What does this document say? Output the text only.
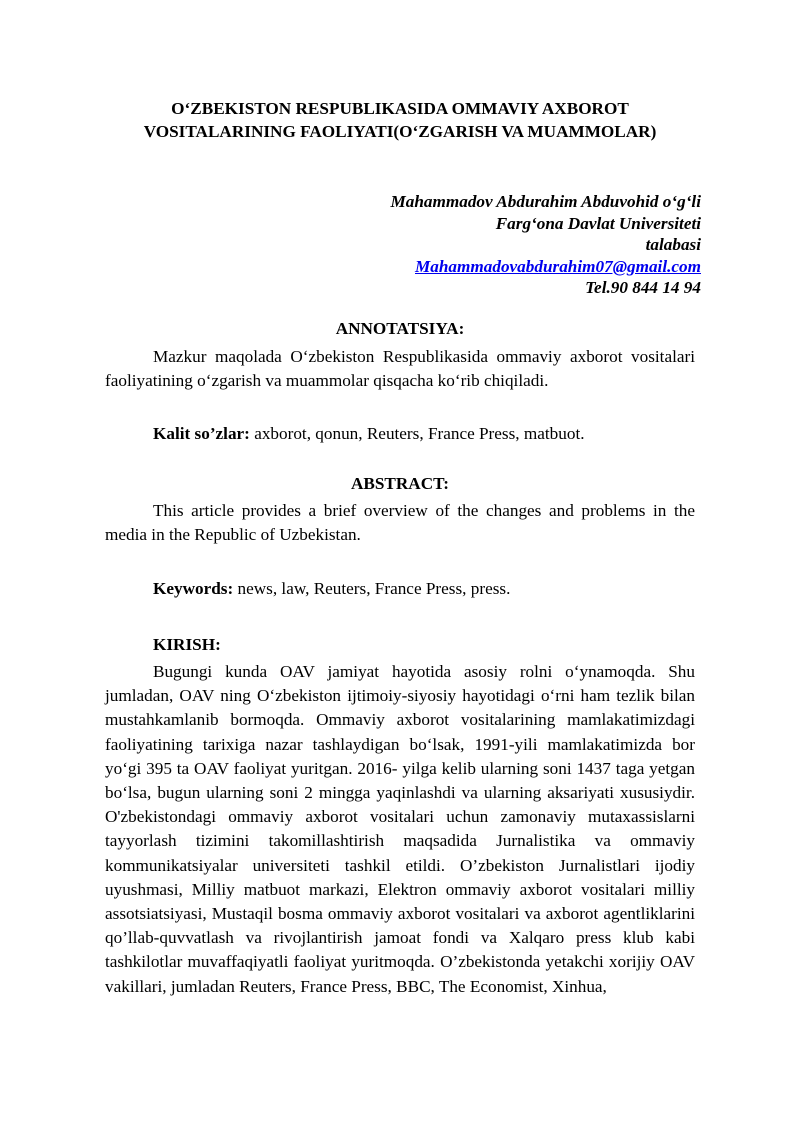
O‘ZBEKISTON RESPUBLIKASIDA OMMAVIY AXBOROT
VOSITALARINING FAOLIYATI(O‘ZGARISH VA MUAMMOLAR)
Mahammadov Abdurahim Abduvohid o‘g‘li
Farg‘ona Davlat Universiteti
talabasi
Mahammadovabdurahim07@gmail.com
Tel.90 844 14 94
ANNOTATSIYA:
Mazkur maqolada O‘zbekiston Respublikasida ommaviy axborot vositalari faoliyatining o‘zgarish va muammolar qisqacha ko‘rib chiqiladi.
Kalit so’zlar: axborot, qonun, Reuters, France Press, matbuot.
ABSTRACT:
This article provides a brief overview of the changes and problems in the media in the Republic of Uzbekistan.
Keywords: news, law, Reuters, France Press, press.
KIRISH:
Bugungi kunda OAV jamiyat hayotida asosiy rolni o‘ynamoqda. Shu jumladan, OAV ning O‘zbekiston ijtimoiy-siyosiy hayotidagi o‘rni ham tezlik bilan mustahkamlanib bormoqda. Ommaviy axborot vositalarining mamlakatimizdagi faoliyatining tarixiga nazar tashlaydigan bo‘lsak, 1991-yili mamlakatimizda bor yo‘gi 395 ta OAV faoliyat yuritgan. 2016- yilga kelib ularning soni 1437 taga yetgan bo‘lsa, bugun ularning soni 2 mingga yaqinlashdi va ularning aksariyati xususiydir. O'zbekistondagi ommaviy axborot vositalari uchun zamonaviy mutaxassislarni tayyorlash tizimini takomillashtirish maqsadida Jurnalistika va ommaviy kommunikatsiyalar universiteti tashkil etildi. O’zbekiston Jurnalistlari ijodiy uyushmasi, Milliy matbuot markazi, Elektron ommaviy axborot vositalari milliy assotsiatsiyasi, Mustaqil bosma ommaviy axborot vositalari va axborot agentliklarini qo’llab-quvvatlash va rivojlantirish jamoat fondi va Xalqaro press klub kabi tashkilotlar muvaffaqiyatli faoliyat yuritmoqda. O’zbekistonda yetakchi xorijiy OAV vakillari, jumladan Reuters, France Press, BBC, The Economist, Xinhua,
